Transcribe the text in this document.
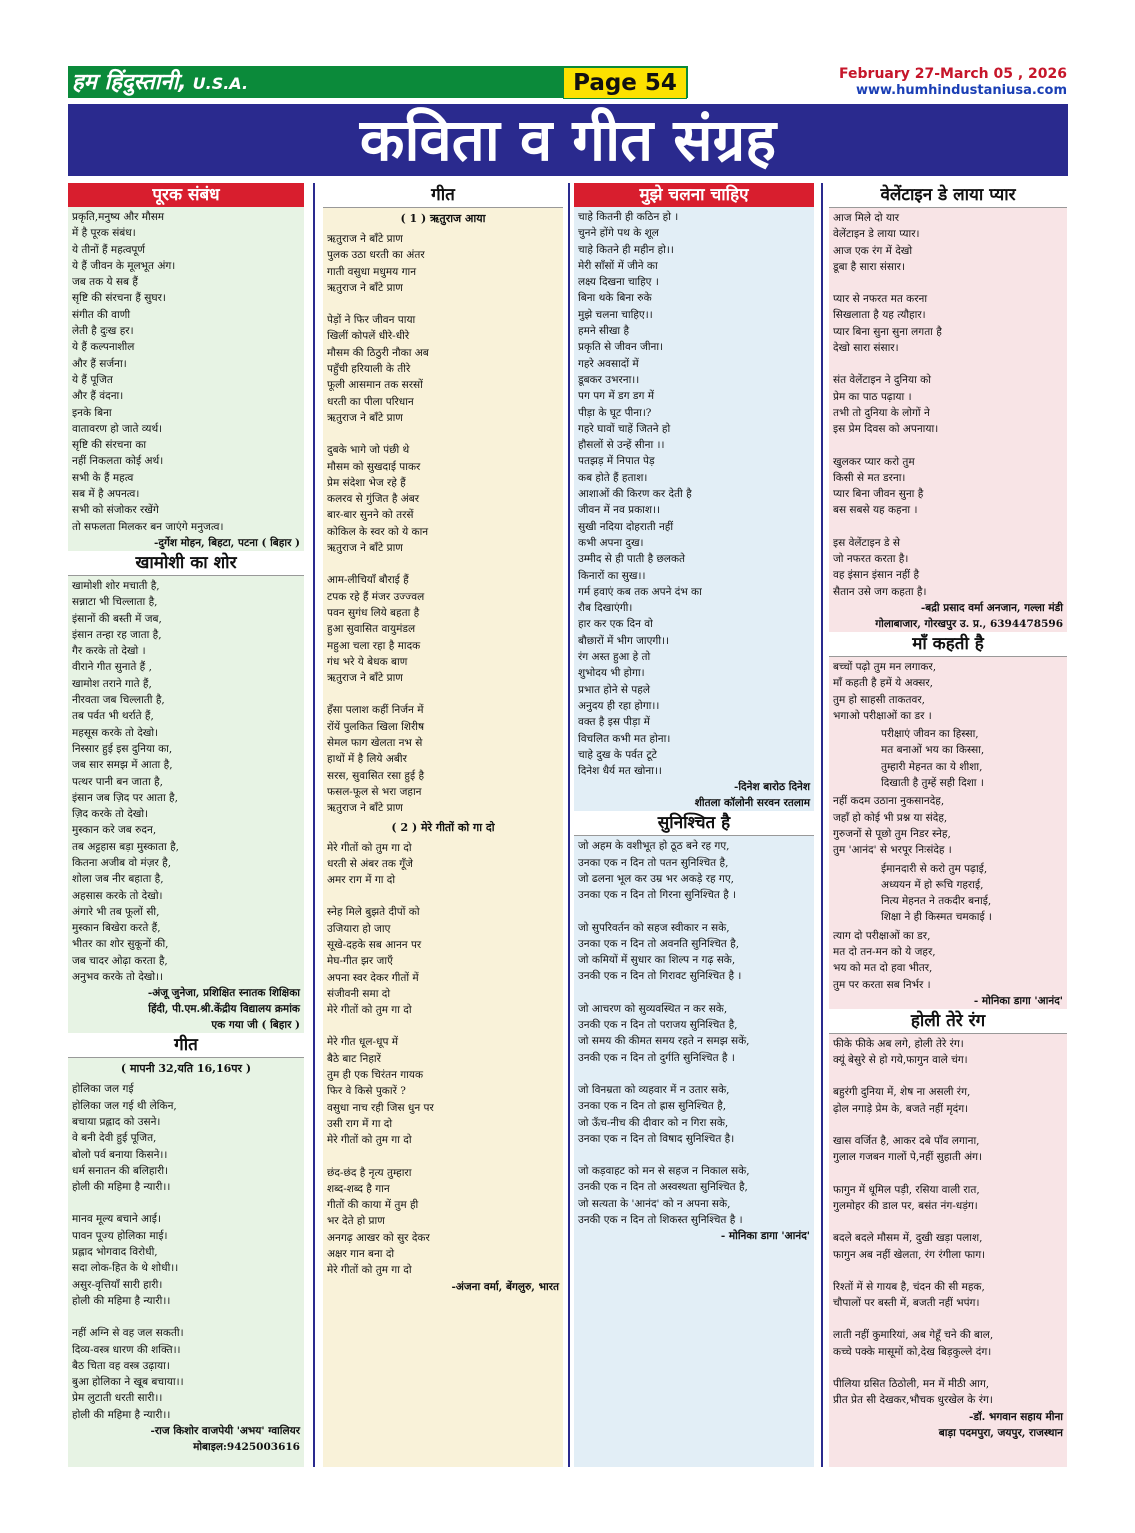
हम हिंदुस्तानी, U.S.A.	Page 54	February 27-March 05 , 2026
www.humhindustaniusa.com
कविता व गीत संग्रह
पूरक संबंध
प्रकृति,मनुष्य और मौसम
में है पूरक संबंध।
ये तीनों हैं महत्वपूर्ण
ये हैं जीवन के मूलभूत अंग।
जब तक ये सब हैं
सृष्टि की संरचना हैं सुघर।
संगीत की वाणी
लेती है दुःख हर।
ये हैं कल्पनाशील
और हैं सर्जना।
ये हैं पूजित
और हैं वंदना।
इनके बिना
वातावरण हो जाते व्यर्थ।
सृष्टि की संरचना का
नहीं निकलता कोई अर्थ।
सभी के हैं महत्व
सब में है अपनत्व।
सभी को संजोकर रखेंगे
तो सफलता मिलकर बन जाएंगे मनुजत्व।
-दुर्गेश मोहन, बिहटा, पटना ( बिहार )
खामोशी का शोर
खामोशी शोर मचाती है,
सन्नाटा भी चिल्लाता है,
इंसानों की बस्ती में जब,
इंसान तन्हा रह जाता है,
गैर करके तो देखो ।
वीराने गीत सुनाते हैं ,
खामोश तराने गाते हैं,
नीरवता जब चिल्लाती है,
तब पर्वत भी थर्राते हैं,
महसूस करके तो देखो।
निस्सार हुई इस दुनिया का,
जब सार समझ में आता है,
पत्थर पानी बन जाता है,
इंसान जब ज़िद पर आता है,
ज़िद करके तो देखो।
मुस्कान करे जब रुदन,
तब अट्टहास बड़ा मुस्काता है,
कितना अजीब वो मंज़र है,
शोला जब नीर बहाता है,
अहसास करके तो देखो।
अंगारे भी तब फूलों सी,
मुस्कान बिखेरा करते हैं,
भीतर का शोर सुकूनों की,
जब चादर ओढ़ा करता है,
अनुभव करके तो देखो।।
-अंजू जुनेजा, प्रशिक्षित स्नातक शिक्षिका
हिंदी, पी.एम.श्री.केंद्रीय विद्यालय क्रमांक
एक गया जी ( बिहार )
गीत
( मापनी 32,यति 16,16पर )
होलिका जल गई
होलिका जल गई थी लेकिन,
बचाया प्रह्लाद को उसने।
वे बनी देवी हुई पूजित,
बोलो पर्व बनाया किसने।।
धर्म सनातन की बलिहारी।
होली की महिमा है न्यारी।।
मानव मूल्य बचाने आई।
पावन पूज्य होलिका माई।
प्रह्लाद भोगवाद विरोधी,
सदा लोक-हित के थे शोधी।।
असुर-वृत्तियाँ सारी हारी।
होली की महिमा है न्यारी।।
नहीं अग्नि से वह जल सकती।
दिव्य-वस्त्र धारण की शक्ति।।
बैठ चिता वह वस्त्र उढ़ाया।
बुआ होलिका ने खूब बचाया।।
प्रेम लुटाती धरती सारी।।
होली की महिमा है न्यारी।।
-राज किशोर वाजपेयी 'अभय' ग्वालियर
मोबाइल:9425003616
गीत
( 1 ) ऋतुराज आया
ऋतुराज ने बाँटे प्राण
पुलक उठा धरती का अंतर
गाती वसुधा मधुमय गान
ऋतुराज ने बाँटे प्राण
पेड़ों ने फिर जीवन पाया
खिलीं कोपलें धीरे-धीरे
मौसम की ठिठुरी नौका अब
पहुँची हरियाली के तीरे
फूली आसमान तक सरसों
धरती का पीला परिधान
ऋतुराज ने बाँटे प्राण
दुबके भागे जो पंछी थे
मौसम को सुखदाई पाकर
प्रेम संदेशा भेज रहे हैं
कलरव से गुंजित है अंबर
बार-बार सुनने को तरसें
कोकिल के स्वर को ये कान
ऋतुराज ने बाँटे प्राण
आम-लीचियाँ बौराई हैं
टपक रहे हैं मंजर उज्ज्वल
पवन सुगंध लिये बहता है
हुआ सुवासित वायुमंडल
महुआ चला रहा है मादक
गंध भरे ये बेधक बाण
ऋतुराज ने बाँटे प्राण
हँसा पलाश कहीं निर्जन में
रोंयें पुलकित खिला शिरीष
सेमल फाग खेलता नभ से
हाथों में है लिये अबीर
सरस, सुवासित रसा हुई है
फसल-फूल से भरा जहान
ऋतुराज ने बाँटे प्राण
( 2 ) मेरे गीतों को गा दो
मेरे गीतों को तुम गा दो
धरती से अंबर तक गूँजे
अमर राग में गा दो
स्नेह मिले बुझते दीपों को
उजियारा हो जाए
सूखे-दहके सब आनन पर
मेघ-गीत झर जाएँ
अपना स्वर देकर गीतों में
संजीवनी समा दो
मेरे गीतों को तुम गा दो
मेरे गीत धूल-धूप में
बैठे बाट निहारें
तुम ही एक चिरंतन गायक
फिर वे किसे पुकारें ?
वसुधा नाच रही जिस धुन पर
उसी राग में गा दो
मेरे गीतों को तुम गा दो
छंद-छंद है नृत्य तुम्हारा
शब्द-शब्द है गान
गीतों की काया में तुम ही
भर देते हो प्राण
अनगढ़ आखर को सुर देकर
अक्षर गान बना दो
मेरे गीतों को तुम गा दो
-अंजना वर्मा, बेंगलुरु, भारत
मुझे चलना चाहिए
चाहे कितनी ही कठिन हो ।
चुनने होंगे पथ के शूल
चाहे कितने ही महीन हो।।
मेरी साँसों में जीने का
लक्ष्य दिखना चाहिए ।
बिना थके बिना रुके
मुझे चलना चाहिए।।
हमने सीखा है
प्रकृति से जीवन जीना।
गहरे अवसादों में
डूबकर उभरना।।
पग पग में डग डग में
पीड़ा के घूट पीना।?
गहरे घावों चाहें जितने हो
हौसलों से उन्हें सीना ।।
पतझड़ में निपात पेड़
कब होते हैं हताश।
आशाओं की किरण कर देती है
जीवन में नव प्रकाश।।
सुखी नदिया दोहराती नहीं
कभी अपना दुख।
उम्मीद से ही पाती है छलकते
किनारों का सुख।।
गर्म हवाएं कब तक अपने दंभ का
रौब दिखाएंगी।
हार कर एक दिन वो
बौछारों में भीग जाएगी।।
रंग अस्त हुआ हे तो
शुभोदय भी होगा।
प्रभात होने से पहले
अनुदय ही रहा होगा।।
वक्त है इस पीड़ा में
विचलित कभी मत होना।
चाहे दुख के पर्वत टूटे
दिनेश धैर्य मत खोना।।
-दिनेश बारोठ दिनेश
शीतला कॉलोनी सरवन रतलाम
सुनिश्चित है
जो अहम के वशीभूत हो ठूठ बने रह गए,
उनका एक न दिन तो पतन सुनिश्चित है,
जो ढलना भूल कर उम्र भर अकड़े रह गए,
उनका एक न दिन तो गिरना सुनिश्चित है ।
जो सुपरिवर्तन को सहज स्वीकार न सके,
उनका एक न दिन तो अवनति सुनिश्चित है,
जो कमियों में सुधार का शिल्प न गढ़ सके,
उनकी एक न दिन तो गिरावट सुनिश्चित है ।
जो आचरण को सुव्यवस्थित न कर सके,
उनकी एक न दिन तो पराजय सुनिश्चित है,
जो समय की कीमत समय रहते न समझ सकें,
उनकी एक न दिन तो दुर्गति सुनिश्चित है ।
जो विनम्रता को व्यहवार में न उतार सके,
उनका एक न दिन तो ह्रास सुनिश्चित है,
जो ऊँच-नीच की दीवार को न गिरा सके,
उनका एक न दिन तो विषाद सुनिश्चित है।
जो कड़वाहट को मन से सहज न निकाल सके,
उनकी एक न दिन तो अस्वस्थता सुनिश्चित है,
जो सत्यता के 'आनंद' को न अपना सके,
उनकी एक न दिन तो शिकस्त सुनिश्चित है ।
- मोनिका डागा 'आनंद'
वेलेंटाइन डे लाया प्यार
आज मिले दो यार
वेलेंटाइन डे लाया प्यार।
आज एक रंग में देखो
डूबा है सारा संसार।
प्यार से नफरत मत करना
सिखलाता है यह त्यौहार।
प्यार बिना सुना सुना लगता है
देखो सारा संसार।
संत वेलेंटाइन ने दुनिया को
प्रेम का पाठ पढ़ाया ।
तभी तो दुनिया के लोगों ने
इस प्रेम दिवस को अपनाया।
खुलकर प्यार करो तुम
किसी से मत डरना।
प्यार बिना जीवन सुना है
बस सबसे यह कहना ।
इस वेलेंटाइन डे से
जो नफरत करता है।
वह इंसान इंसान नहीं है
सैतान उसे जग कहता है।
-बद्री प्रसाद वर्मा अनजान, गल्ला मंडी
गोलाबाजार, गोरखपुर उ. प्र., 6394478596
माँ कहती है
बच्चों पढ़ो तुम मन लगाकर,
माँ कहती है हमें ये अक्सर,
तुम हो साहसी ताकतवर,
भगाओ परीक्षाओं का डर ।
परीक्षाएं जीवन का हिस्सा,
मत बनाओं भय का किस्सा,
तुम्हारी मेहनत का ये शीशा,
दिखाती है तुम्हें सही दिशा ।
नहीं कदम उठाना नुकसानदेह,
जहाँ हो कोई भी प्रश्न या संदेह,
गुरुजनों से पूछो तुम निडर स्नेह,
तुम 'आनंद' से भरपूर निःसंदेह ।
ईमानदारी से करो तुम पढ़ाई,
अध्ययन में हो रूचि गहराई,
नित्य मेहनत ने तकदीर बनाई,
शिक्षा ने ही किस्मत चमकाई ।
त्याग दो परीक्षाओं का डर,
मत दो तन-मन को ये जहर,
भय को मत दो हवा भीतर,
तुम पर करता सब निर्भर ।
- मोनिका डागा 'आनंद'
होली तेरे रंग
फीके फीके अब लगे, होली तेरे रंग।
क्यूं बेसुरे से हो गये,फागुन वाले चंग।
बहुरंगी दुनिया में, शेष ना असली रंग,
ढ़ोल नगाड़े प्रेम के, बजते नहीं मृदंग।
खास वर्जित है, आकर दबे पाँव लगाना,
गुलाल गजबन गालों पे,नहीं सुहाती अंग।
फागुन में धूमिल पड़ी, रसिया वाली रात,
गुलमोहर की डाल पर, बसंत नंग-धड़ंग।
बदले बदले मौसम में, दुखी खड़ा पलाश,
फागुन अब नहीं खेलता, रंग रंगीला फाग।
रिश्तों में से गायब है, चंदन की सी महक,
चौपालों पर बस्ती में, बजती नहीं भपंग।
लाती नहीं कुमारियां, अब गेहूँ चने की बाल,
कच्चे पक्के मासूमों को,देख बिड़कुल्ले दंग।
पीलिया ग्रसित ठिठोली, मन में मीठी आग,
प्रीत प्रेत सी देखकर,भौचक धुरखेल के रंग।
-डॉ. भगवान सहाय मीना
बाड़ा पदमपुरा, जयपुर, राजस्थान
